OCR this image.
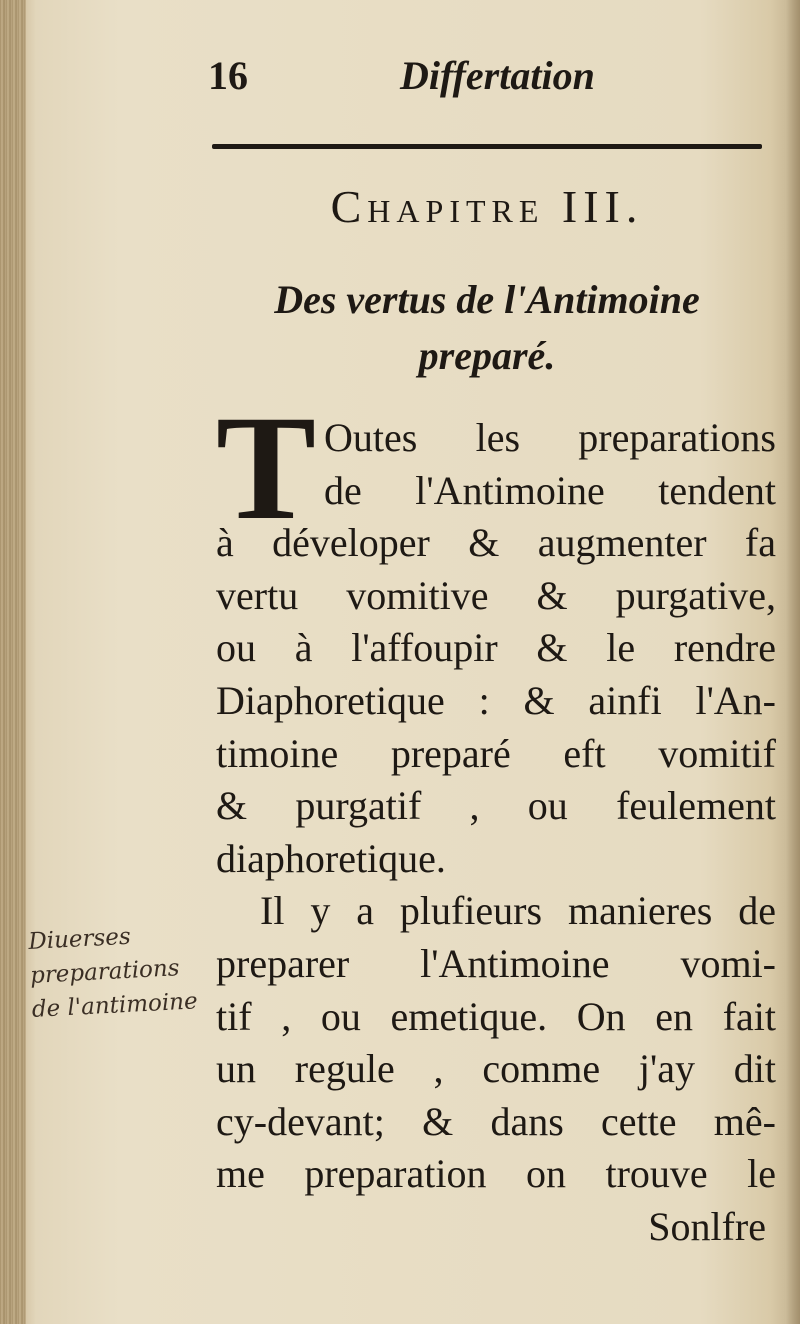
16	Differtation
Chapitre III.
Des vertus de l'Antimoine
preparé.
T Outes les preparations
de l'Antimoine tendent
à déveloper & augmenter fa
vertu vomitive & purgative,
ou à l'affoupir & le rendre
Diaphoretique : & ainfi l'An-
timoine preparé eft vomitif
& purgatif , ou feulement
diaphoretique.
Il y a plufieurs manieres de
preparer l'Antimoine vomi-
tif , ou emetique. On en fait
un regule , comme j'ay dit
cy-devant; & dans cette mê-
me preparation on trouve le
Sonlfre
Diuerses
preparations
de l'antimoine
